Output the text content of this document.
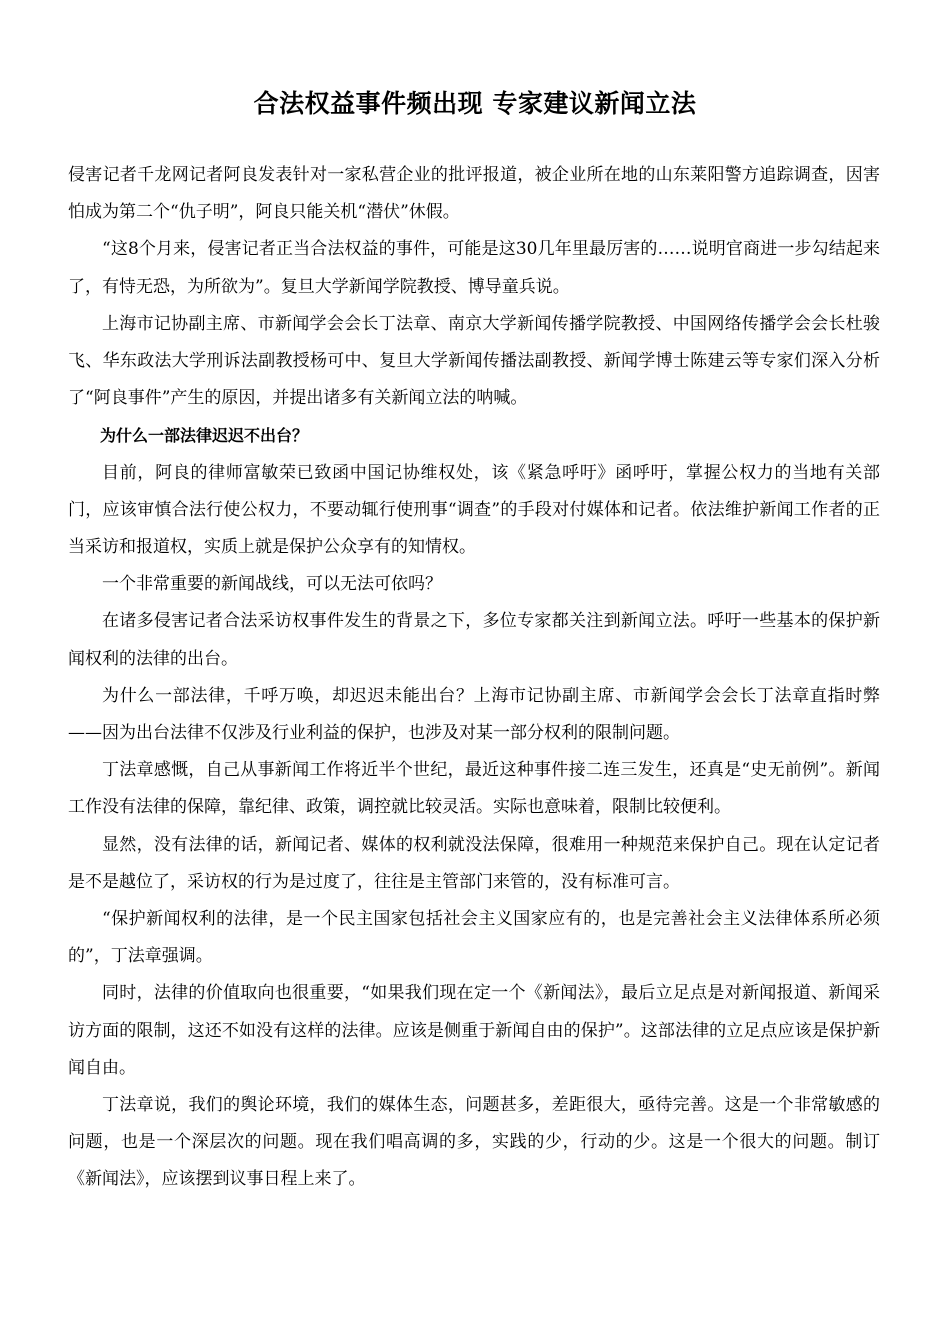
合法权益事件频出现 专家建议新闻立法

侵害记者千龙网记者阿良发表针对一家私营企业的批评报道，被企业所在地的山东莱阳警方追踪调查，因害怕成为第二个“仇子明”，阿良只能关机“潜伏”休假。

“这8个月来，侵害记者正当合法权益的事件，可能是这30几年里最厉害的……说明官商进一步勾结起来了，有恃无恐，为所欲为”。复旦大学新闻学院教授、博导童兵说。

上海市记协副主席、市新闻学会会长丁法章、南京大学新闻传播学院教授、中国网络传播学会会长杜骏飞、华东政法大学刑诉法副教授杨可中、复旦大学新闻传播法副教授、新闻学博士陈建云等专家们深入分析了“阿良事件”产生的原因，并提出诸多有关新闻立法的呐喊。

为什么一部法律迟迟不出台？

目前，阿良的律师富敏荣已致函中国记协维权处，该《紧急呼吁》函呼吁，掌握公权力的当地有关部门，应该审慎合法行使公权力，不要动辄行使刑事“调查”的手段对付媒体和记者。依法维护新闻工作者的正当采访和报道权，实质上就是保护公众享有的知情权。

一个非常重要的新闻战线，可以无法可依吗？

在诸多侵害记者合法采访权事件发生的背景之下，多位专家都关注到新闻立法。呼吁一些基本的保护新闻权利的法律的出台。

为什么一部法律，千呼万唤，却迟迟未能出台？上海市记协副主席、市新闻学会会长丁法章直指时弊——因为出台法律不仅涉及行业利益的保护，也涉及对某一部分权利的限制问题。

丁法章感慨，自己从事新闻工作将近半个世纪，最近这种事件接二连三发生，还真是“史无前例”。新闻工作没有法律的保障，靠纪律、政策，调控就比较灵活。实际也意味着，限制比较便利。

显然，没有法律的话，新闻记者、媒体的权利就没法保障，很难用一种规范来保护自己。现在认定记者是不是越位了，采访权的行为是过度了，往往是主管部门来管的，没有标准可言。

“保护新闻权利的法律，是一个民主国家包括社会主义国家应有的，也是完善社会主义法律体系所必须的”，丁法章强调。

同时，法律的价值取向也很重要，“如果我们现在定一个《新闻法》，最后立足点是对新闻报道、新闻采访方面的限制，这还不如没有这样的法律。应该是侧重于新闻自由的保护”。这部法律的立足点应该是保护新闻自由。

丁法章说，我们的舆论环境，我们的媒体生态，问题甚多，差距很大，亟待完善。这是一个非常敏感的问题，也是一个深层次的问题。现在我们唱高调的多，实践的少，行动的少。这是一个很大的问题。制订《新闻法》，应该摆到议事日程上来了。
